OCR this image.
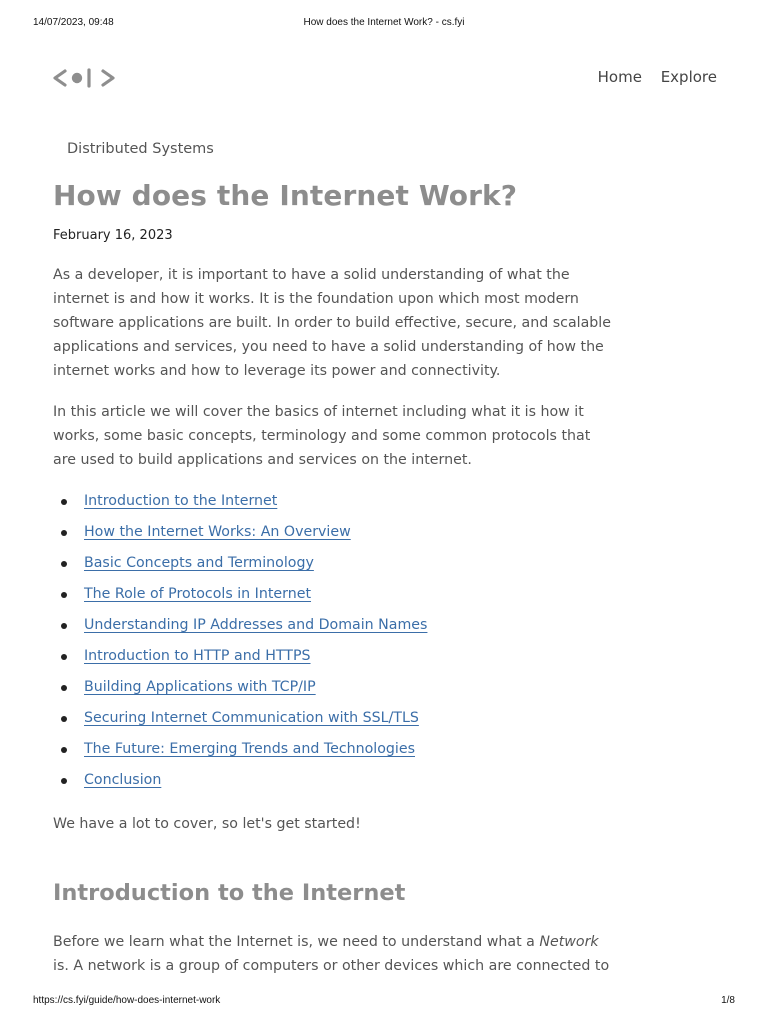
14/07/2023, 09:48	How does the Internet Work? - cs.fyi
Home Explore
Distributed Systems
How does the Internet Work?
February 16, 2023

As a developer, it is important to have a solid understanding of what the internet is and how it works. It is the foundation upon which most modern software applications are built. In order to build effective, secure, and scalable applications and services, you need to have a solid understanding of how the internet works and how to leverage its power and connectivity.

In this article we will cover the basics of internet including what it is how it works, some basic concepts, terminology and some common protocols that are used to build applications and services on the internet.

Introduction to the Internet
How the Internet Works: An Overview
Basic Concepts and Terminology
The Role of Protocols in Internet
Understanding IP Addresses and Domain Names
Introduction to HTTP and HTTPS
Building Applications with TCP/IP
Securing Internet Communication with SSL/TLS
The Future: Emerging Trends and Technologies
Conclusion

We have a lot to cover, so let's get started!

Introduction to the Internet

Before we learn what the Internet is, we need to understand what a Network is. A network is a group of computers or other devices which are connected to

https://cs.fyi/guide/how-does-internet-work	1/8
